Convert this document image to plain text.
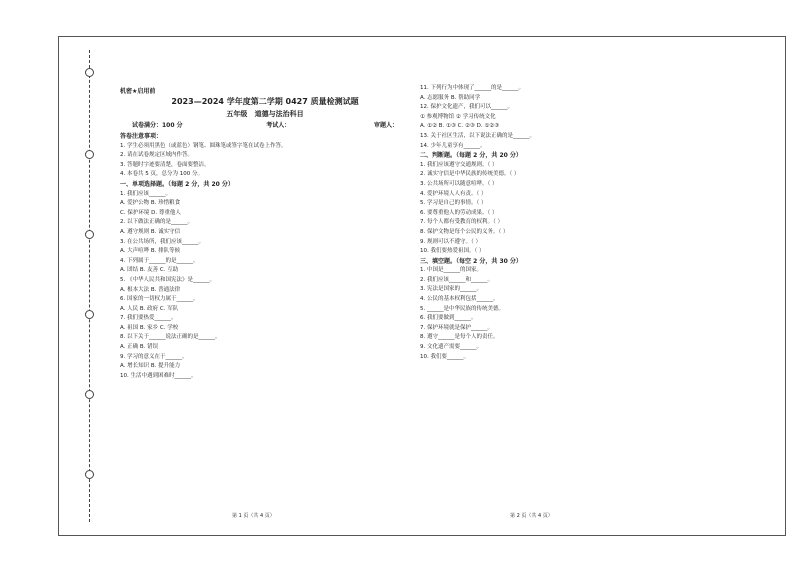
机密★启用前
2023—2024 学年度第二学期 0427 质量检测试题
五年级 道德与法治科目
试卷满分：100 分	考试人：	审题人：
答卷注意事项：
1. 学生必须用黑色（或蓝色）钢笔、圆珠笔或签字笔在试卷上作答。
2. 请在试卷规定区域内作答。
3. 答题时字迹要清楚，卷面要整洁。
4. 本卷共 5 页，总分为 100 分。
一、单项选择题。（每题 2 分，共 20 分）
1. 我们应该______。
A. 爱护公物 B. 珍惜粮食
C. 保护环境 D. 尊重他人
2. 以下做法正确的是______。
A. 遵守规则 B. 诚实守信
3. 在公共场所，我们应该______。
A. 大声喧哗 B. 排队等候
4. 下列属于______的是______。
A. 团结 B. 友善 C. 互助
5. 《中华人民共和国宪法》是______。
A. 根本大法 B. 普通法律
6. 国家的一切权力属于______。
A. 人民 B. 政府 C. 军队
7. 我们要热爱______。
A. 祖国 B. 家乡 C. 学校
8. 以下关于______说法正确的是______。
A. 正确 B. 错误
9. 学习的意义在于______。
A. 增长知识 B. 提升能力
10. 生活中遇到困难时______。
11. 下列行为中体现了______的是______。
A. 志愿服务 B. 帮助同学
12. 保护文化遗产，我们可以______。
① 参观博物馆 ② 学习传统文化
A. ①② B. ①③ C. ②③ D. ①②③
13. 关于社区生活，以下说法正确的是______。
14. 少年儿童享有______。
二、判断题。（每题 2 分，共 20 分）
1. 我们应该遵守交通规则。（ ）
2. 诚实守信是中华民族的传统美德。（ ）
3. 公共场所可以随意喧哗。（ ）
4. 爱护环境人人有责。（ ）
5. 学习是自己的事情。（ ）
6. 要尊重他人的劳动成果。（ ）
7. 每个人都有受教育的权利。（ ）
8. 保护文物是每个公民的义务。（ ）
9. 规则可以不遵守。（ ）
10. 我们要热爱祖国。（ ）
三、填空题。（每空 2 分，共 30 分）
1. 中国是______的国家。
2. 我们应该______和______。
3. 宪法是国家的______。
4. 公民的基本权利包括______。
5. ______是中华民族的传统美德。
6. 我们要做到______。
7. 保护环境就是保护______。
8. 遵守______是每个人的责任。
9. 文化遗产需要______。
10. 我们要______。
第 1 页（共 4 页）	第 2 页（共 4 页）
